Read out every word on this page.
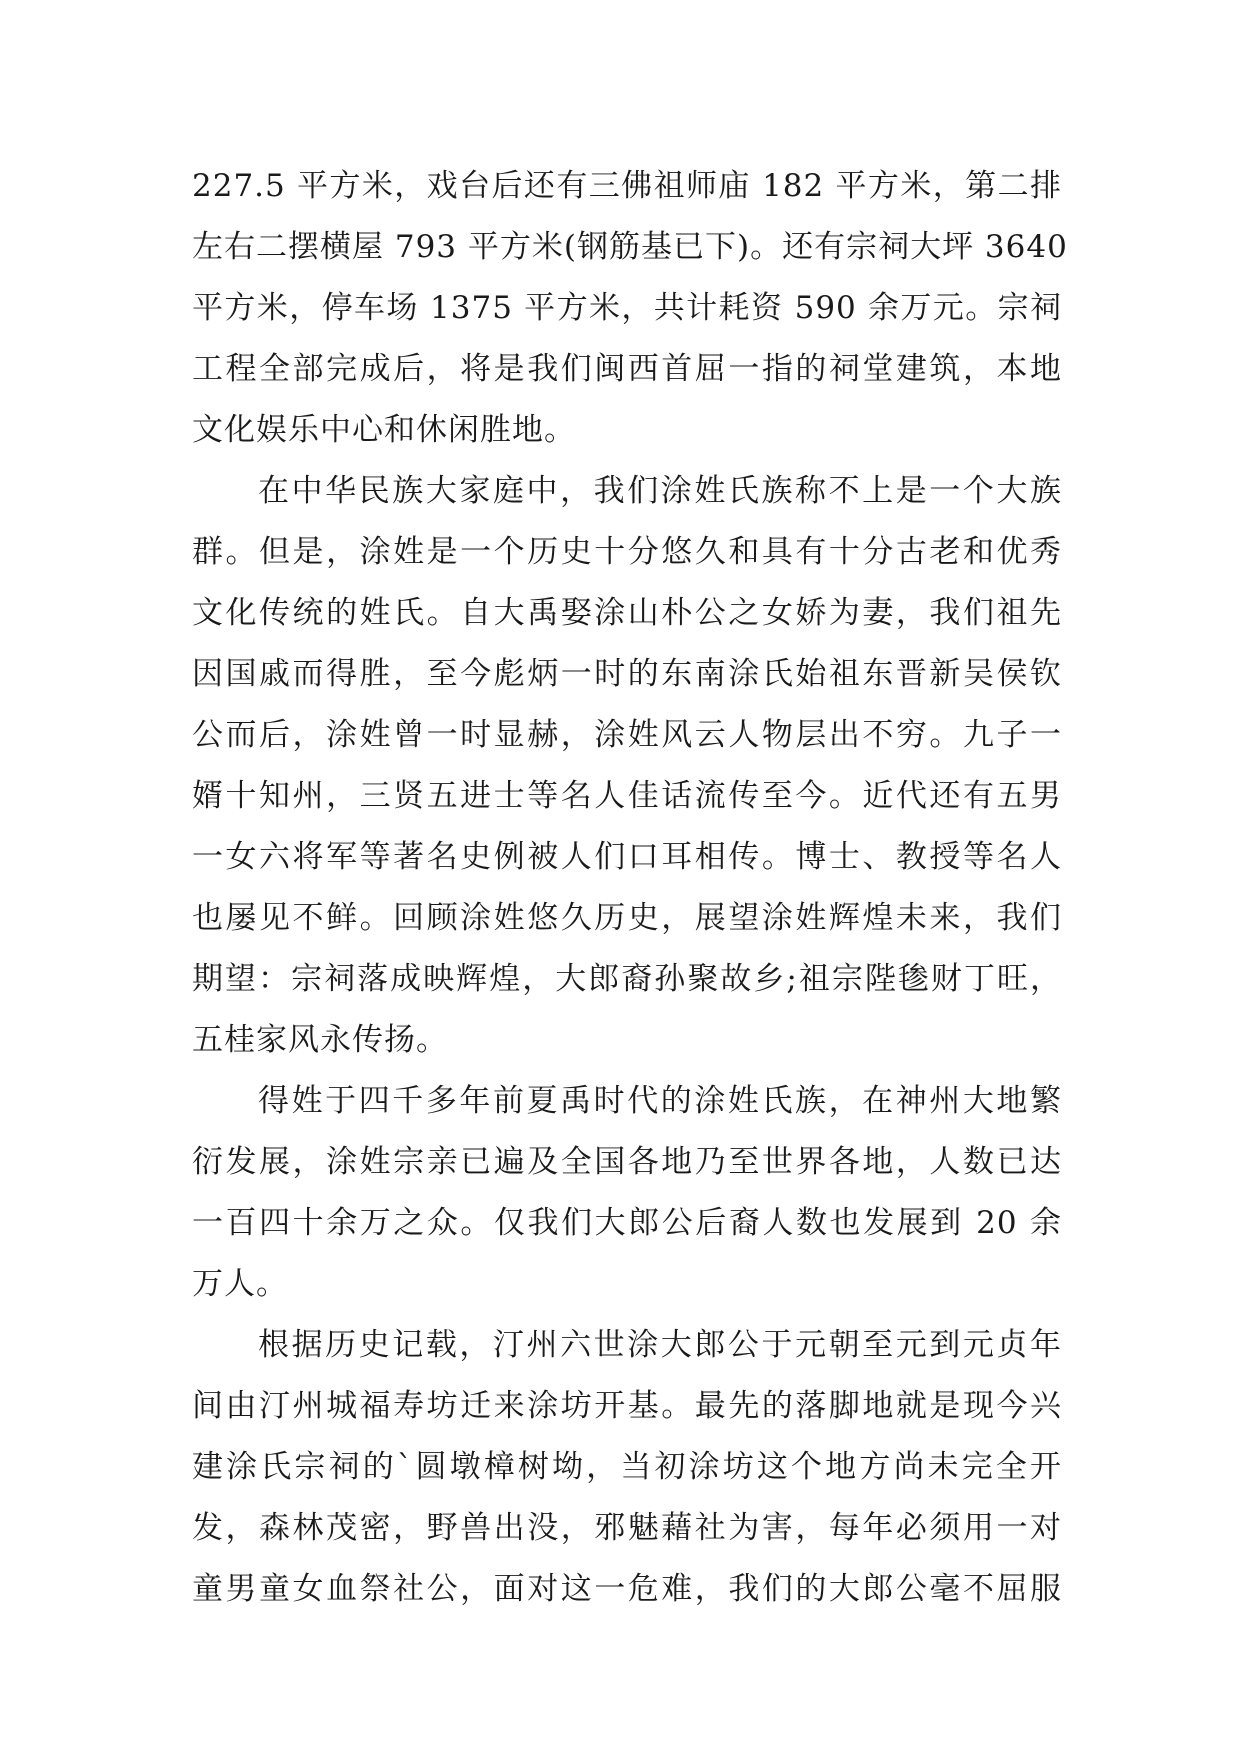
227.5 平方米，戏台后还有三佛祖师庙 182 平方米，第二排
左右二摆横屋 793 平方米(钢筋基已下)。还有宗祠大坪 3640
平方米，停车场 1375 平方米，共计耗资 590 余万元。宗祠
工程全部完成后，将是我们闽西首屈一指的祠堂建筑，本地
文化娱乐中心和休闲胜地。
在中华民族大家庭中，我们涂姓氏族称不上是一个大族
群。但是，涂姓是一个历史十分悠久和具有十分古老和优秀
文化传统的姓氏。自大禹娶涂山朴公之女娇为妻，我们祖先
因国戚而得胜，至今彪炳一时的东南涂氏始祖东晋新吴侯钦
公而后，涂姓曾一时显赫，涂姓风云人物层出不穷。九子一
婿十知州，三贤五进士等名人佳话流传至今。近代还有五男
一女六将军等著名史例被人们口耳相传。博士、教授等名人
也屡见不鲜。回顾涂姓悠久历史，展望涂姓辉煌未来，我们
期望：宗祠落成映辉煌，大郎裔孙聚故乡;祖宗陛毶财丁旺，
五桂家风永传扬。
得姓于四千多年前夏禹时代的涂姓氏族，在神州大地繁
衍发展，涂姓宗亲已遍及全国各地乃至世界各地，人数已达
一百四十余万之众。仅我们大郎公后裔人数也发展到 20 余
万人。
根据历史记载，汀州六世涂大郎公于元朝至元到元贞年
间由汀州城福寿坊迁来涂坊开基。最先的落脚地就是现今兴
建涂氏宗祠的`圆墩樟树坳，当初涂坊这个地方尚未完全开
发，森林茂密，野兽出没，邪魅藉社为害，每年必须用一对
童男童女血祭社公，面对这一危难，我们的大郎公毫不屈服
